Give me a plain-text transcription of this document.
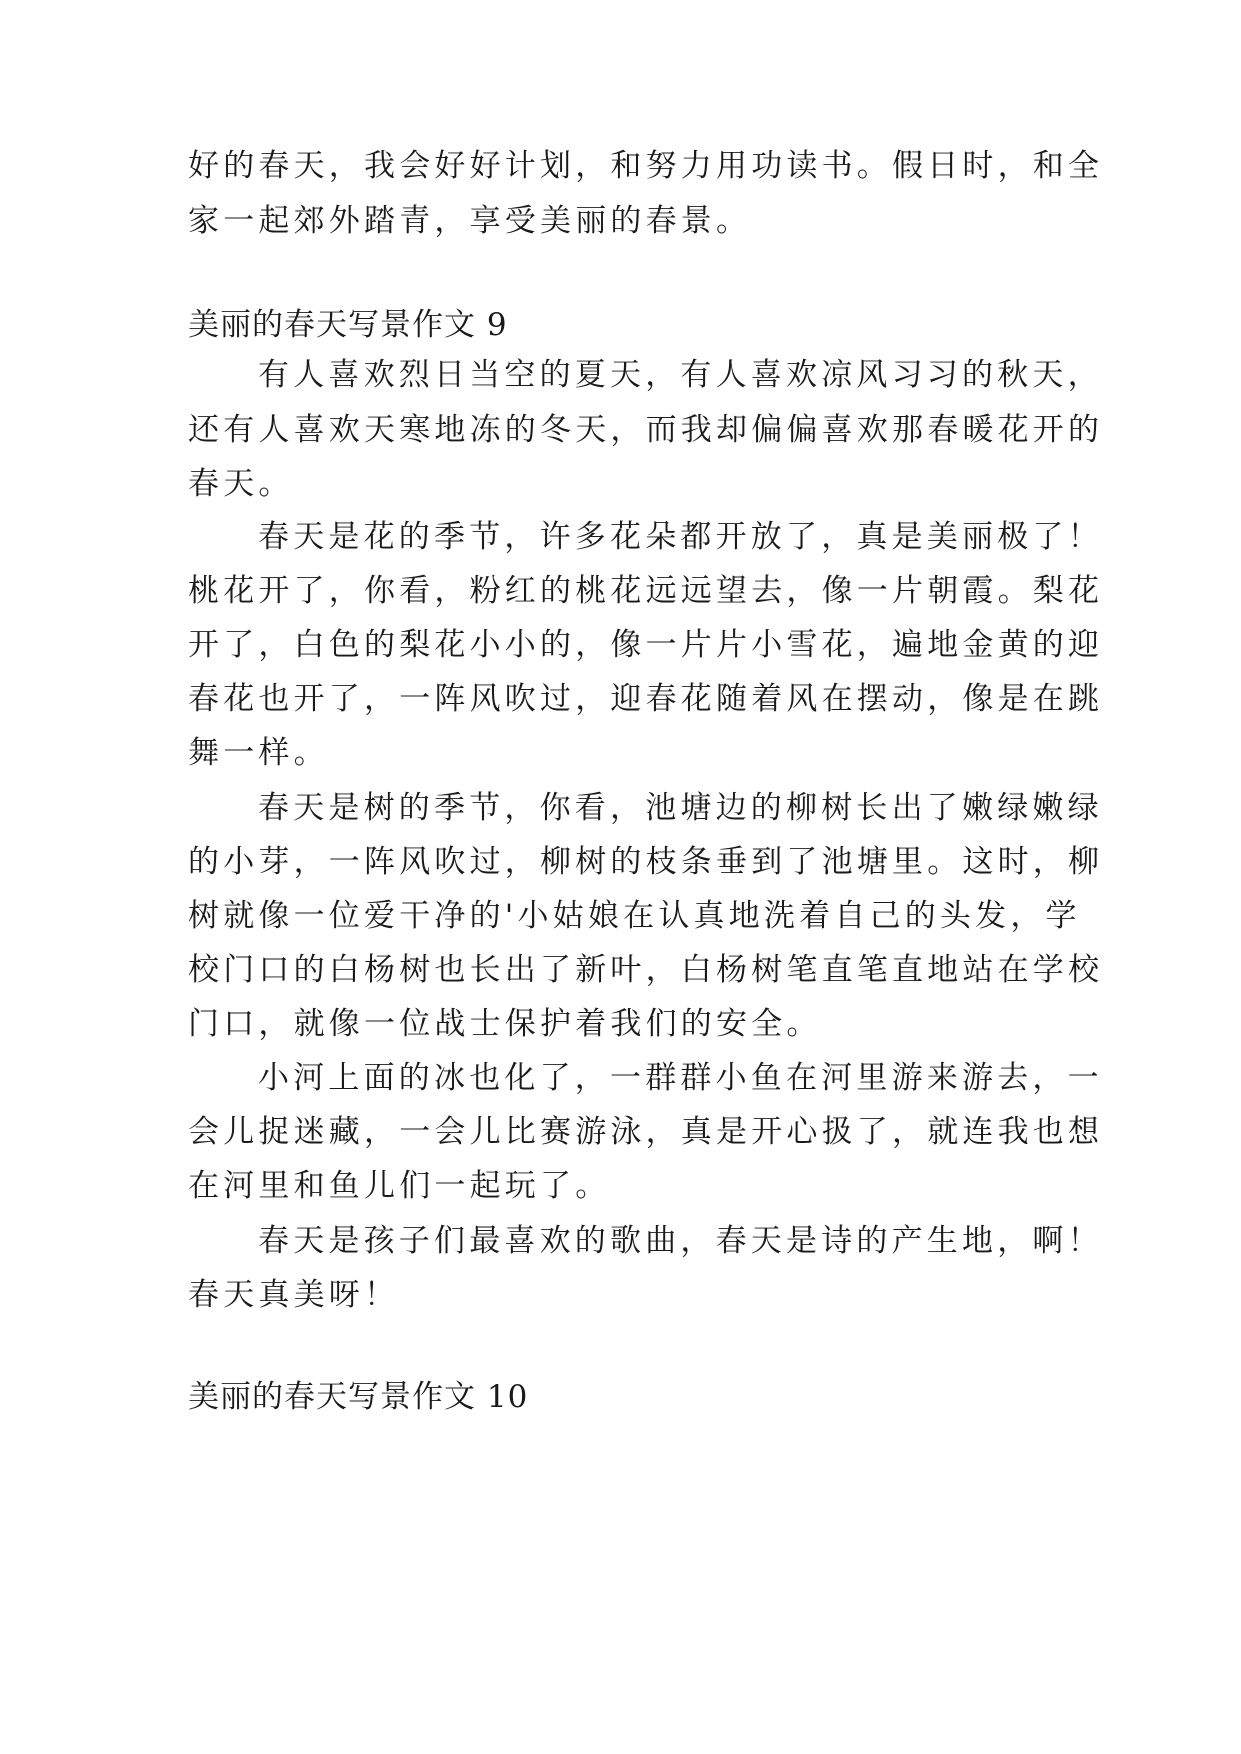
好的春天，我会好好计划，和努力用功读书。假日时，和全
家一起郊外踏青，享受美丽的春景。
美丽的春天写景作文 9
有人喜欢烈日当空的夏天，有人喜欢凉风习习的秋天，
还有人喜欢天寒地冻的冬天，而我却偏偏喜欢那春暖花开的
春天。
春天是花的季节，许多花朵都开放了，真是美丽极了！
桃花开了，你看，粉红的桃花远远望去，像一片朝霞。梨花
开了，白色的梨花小小的，像一片片小雪花，遍地金黄的迎
春花也开了，一阵风吹过，迎春花随着风在摆动，像是在跳
舞一样。
春天是树的季节，你看，池塘边的柳树长出了嫩绿嫩绿
的小芽，一阵风吹过，柳树的枝条垂到了池塘里。这时，柳
树就像一位爱干净的'小姑娘在认真地洗着自己的头发，学
校门口的白杨树也长出了新叶，白杨树笔直笔直地站在学校
门口，就像一位战士保护着我们的安全。
小河上面的冰也化了，一群群小鱼在河里游来游去，一
会儿捉迷藏，一会儿比赛游泳，真是开心扱了，就连我也想
在河里和鱼儿们一起玩了。
春天是孩子们最喜欢的歌曲，春天是诗的产生地，啊！
春天真美呀！
美丽的春天写景作文 10
